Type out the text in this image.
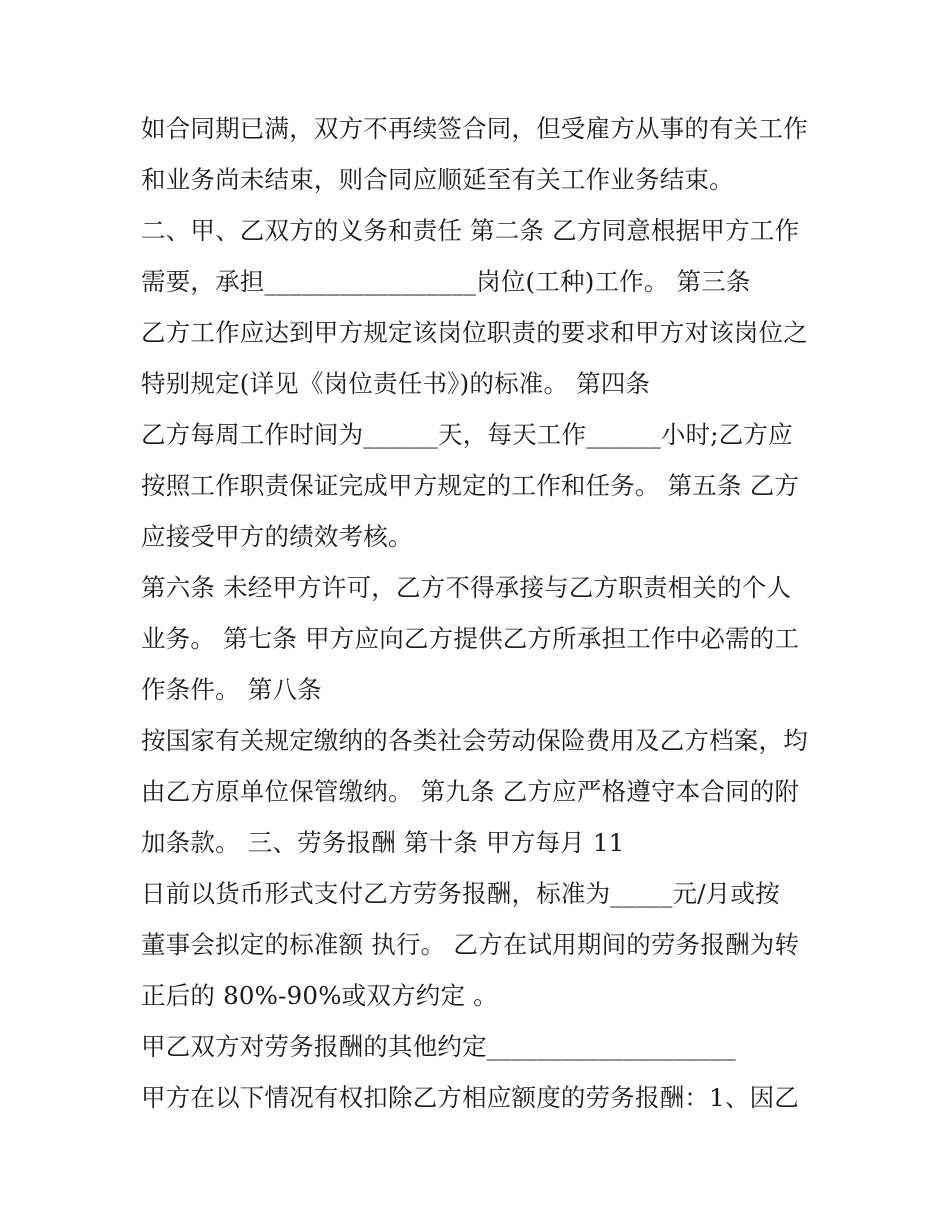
如合同期已满，双方不再续签合同，但受雇方从事的有关工作
和业务尚未结束，则合同应顺延至有关工作业务结束。
二、甲、乙双方的义务和责任 第二条 乙方同意根据甲方工作
需要，承担_________________岗位(工种)工作。 第三条
乙方工作应达到甲方规定该岗位职责的要求和甲方对该岗位之
特别规定(详见《岗位责任书》)的标准。 第四条
乙方每周工作时间为______天，每天工作______小时;乙方应
按照工作职责保证完成甲方规定的工作和任务。 第五条 乙方
应接受甲方的绩效考核。
第六条 未经甲方许可，乙方不得承接与乙方职责相关的个人
业务。 第七条 甲方应向乙方提供乙方所承担工作中必需的工
作条件。 第八条
按国家有关规定缴纳的各类社会劳动保险费用及乙方档案，均
由乙方原单位保管缴纳。 第九条 乙方应严格遵守本合同的附
加条款。 三、劳务报酬 第十条 甲方每月 11
日前以货币形式支付乙方劳务报酬，标准为_____元/月或按
董事会拟定的标准额 执行。 乙方在试用期间的劳务报酬为转
正后的 80%-90%或双方约定 。
甲乙双方对劳务报酬的其他约定____________________
甲方在以下情况有权扣除乙方相应额度的劳务报酬：1、因乙
